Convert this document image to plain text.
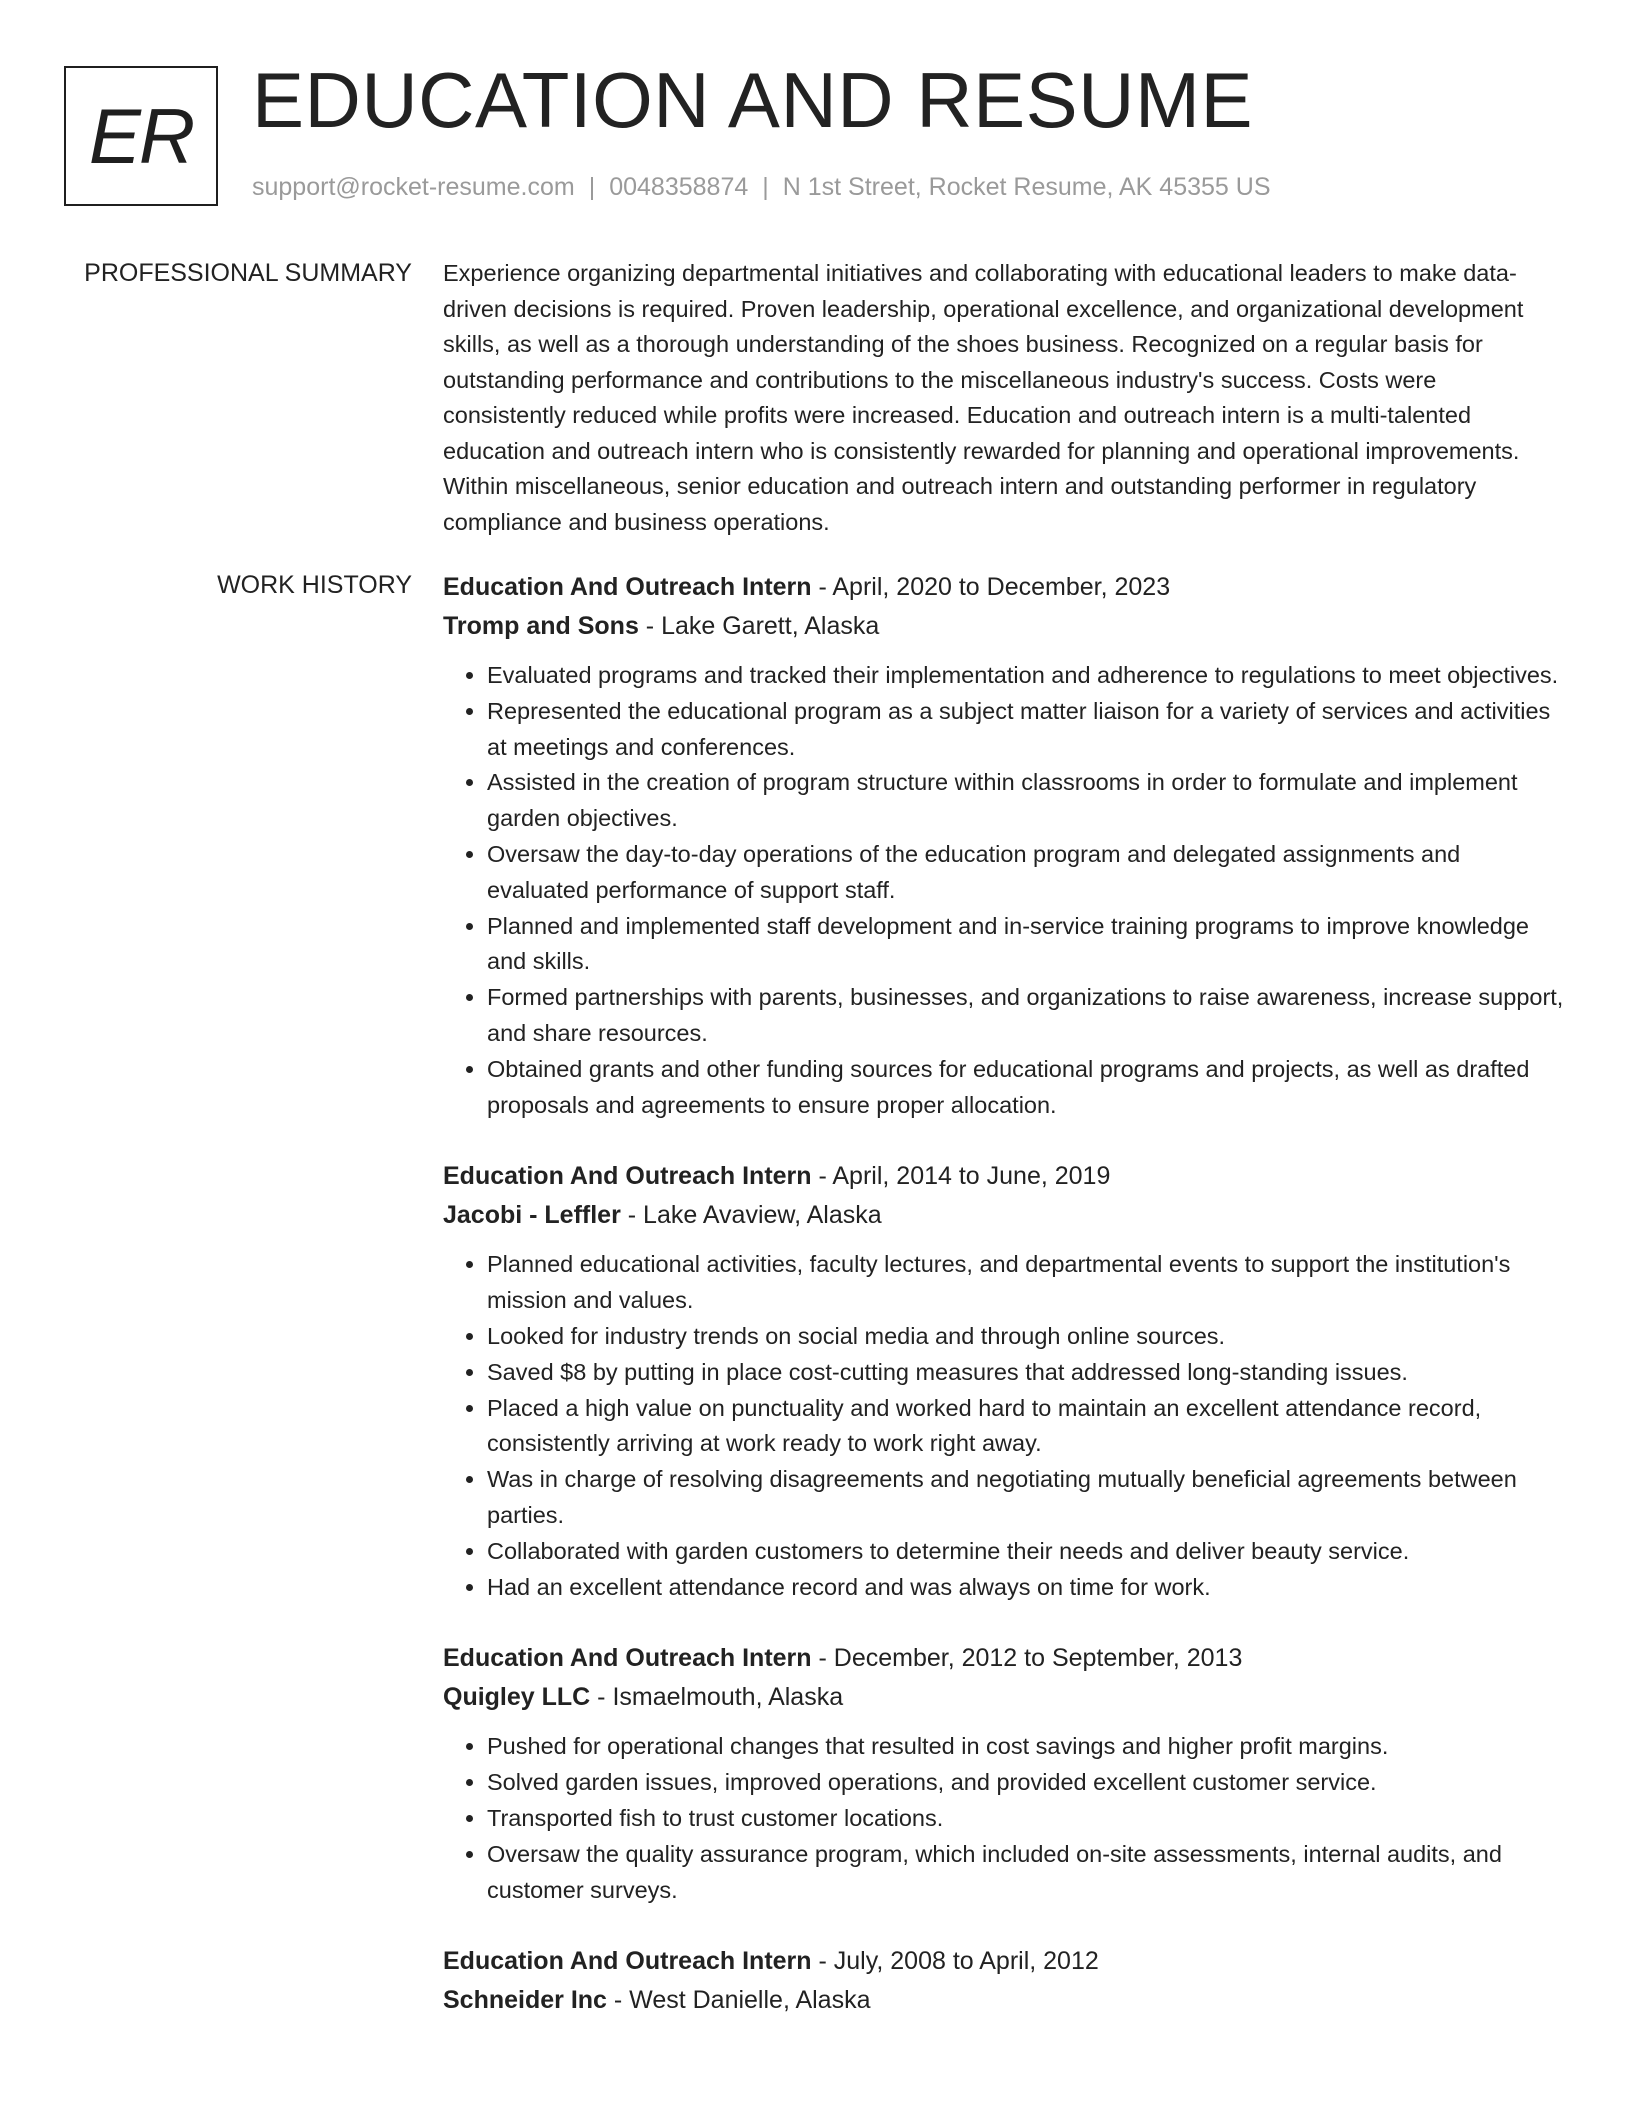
ER EDUCATION AND RESUME
support@rocket-resume.com | 0048358874 | N 1st Street, Rocket Resume, AK 45355 US
PROFESSIONAL SUMMARY Experience organizing departmental initiatives and collaborating with educational leaders to make data-driven decisions is required. Proven leadership, operational excellence, and organizational development skills, as well as a thorough understanding of the shoes business. Recognized on a regular basis for outstanding performance and contributions to the miscellaneous industry's success. Costs were consistently reduced while profits were increased. Education and outreach intern is a multi-talented education and outreach intern who is consistently rewarded for planning and operational improvements. Within miscellaneous, senior education and outreach intern and outstanding performer in regulatory compliance and business operations.

WORK HISTORY Education And Outreach Intern - April, 2020 to December, 2023
Tromp and Sons - Lake Garett, Alaska
• Evaluated programs and tracked their implementation and adherence to regulations to meet objectives.
• Represented the educational program as a subject matter liaison for a variety of services and activities at meetings and conferences.
• Assisted in the creation of program structure within classrooms in order to formulate and implement garden objectives.
• Oversaw the day-to-day operations of the education program and delegated assignments and evaluated performance of support staff.
• Planned and implemented staff development and in-service training programs to improve knowledge and skills.
• Formed partnerships with parents, businesses, and organizations to raise awareness, increase support, and share resources.
• Obtained grants and other funding sources for educational programs and projects, as well as drafted proposals and agreements to ensure proper allocation.
Education And Outreach Intern - April, 2014 to June, 2019
Jacobi - Leffler - Lake Avaview, Alaska
• Planned educational activities, faculty lectures, and departmental events to support the institution's mission and values.
• Looked for industry trends on social media and through online sources.
• Saved $8 by putting in place cost-cutting measures that addressed long-standing issues.
• Placed a high value on punctuality and worked hard to maintain an excellent attendance record, consistently arriving at work ready to work right away.
• Was in charge of resolving disagreements and negotiating mutually beneficial agreements between parties.
• Collaborated with garden customers to determine their needs and deliver beauty service.
• Had an excellent attendance record and was always on time for work.
Education And Outreach Intern - December, 2012 to September, 2013
Quigley LLC - Ismaelmouth, Alaska
• Pushed for operational changes that resulted in cost savings and higher profit margins.
• Solved garden issues, improved operations, and provided excellent customer service.
• Transported fish to trust customer locations.
• Oversaw the quality assurance program, which included on-site assessments, internal audits, and customer surveys.
Education And Outreach Intern - July, 2008 to April, 2012
Schneider Inc - West Danielle, Alaska
